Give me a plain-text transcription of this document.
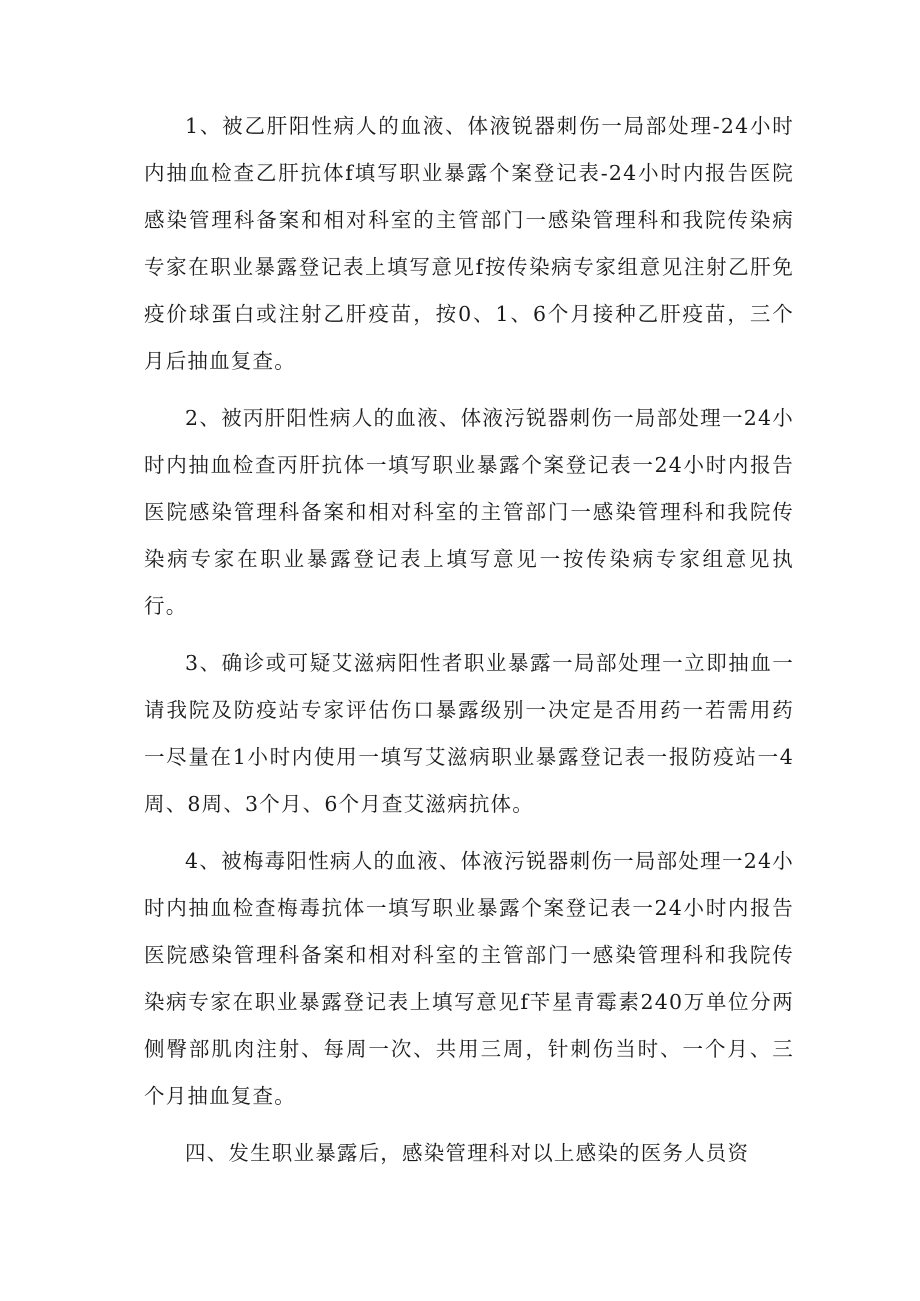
1、被乙肝阳性病人的血液、体液锐器刺伤一局部处理-24小时内抽血检查乙肝抗体f填写职业暴露个案登记表-24小时内报告医院感染管理科备案和相对科室的主管部门一感染管理科和我院传染病专家在职业暴露登记表上填写意见f按传染病专家组意见注射乙肝免疫价球蛋白或注射乙肝疫苗，按0、1、6个月接种乙肝疫苗，三个月后抽血复查。

2、被丙肝阳性病人的血液、体液污锐器刺伤一局部处理一24小时内抽血检查丙肝抗体一填写职业暴露个案登记表一24小时内报告医院感染管理科备案和相对科室的主管部门一感染管理科和我院传染病专家在职业暴露登记表上填写意见一按传染病专家组意见执行。

3、确诊或可疑艾滋病阳性者职业暴露一局部处理一立即抽血一请我院及防疫站专家评估伤口暴露级别一决定是否用药一若需用药一尽量在1小时内使用一填写艾滋病职业暴露登记表一报防疫站一4周、8周、3个月、6个月查艾滋病抗体。

4、被梅毒阳性病人的血液、体液污锐器刺伤一局部处理一24小时内抽血检查梅毒抗体一填写职业暴露个案登记表一24小时内报告医院感染管理科备案和相对科室的主管部门一感染管理科和我院传染病专家在职业暴露登记表上填写意见f苄星青霉素240万单位分两侧臀部肌肉注射、每周一次、共用三周，针刺伤当时、一个月、三个月抽血复查。

四、发生职业暴露后，感染管理科对以上感染的医务人员资
